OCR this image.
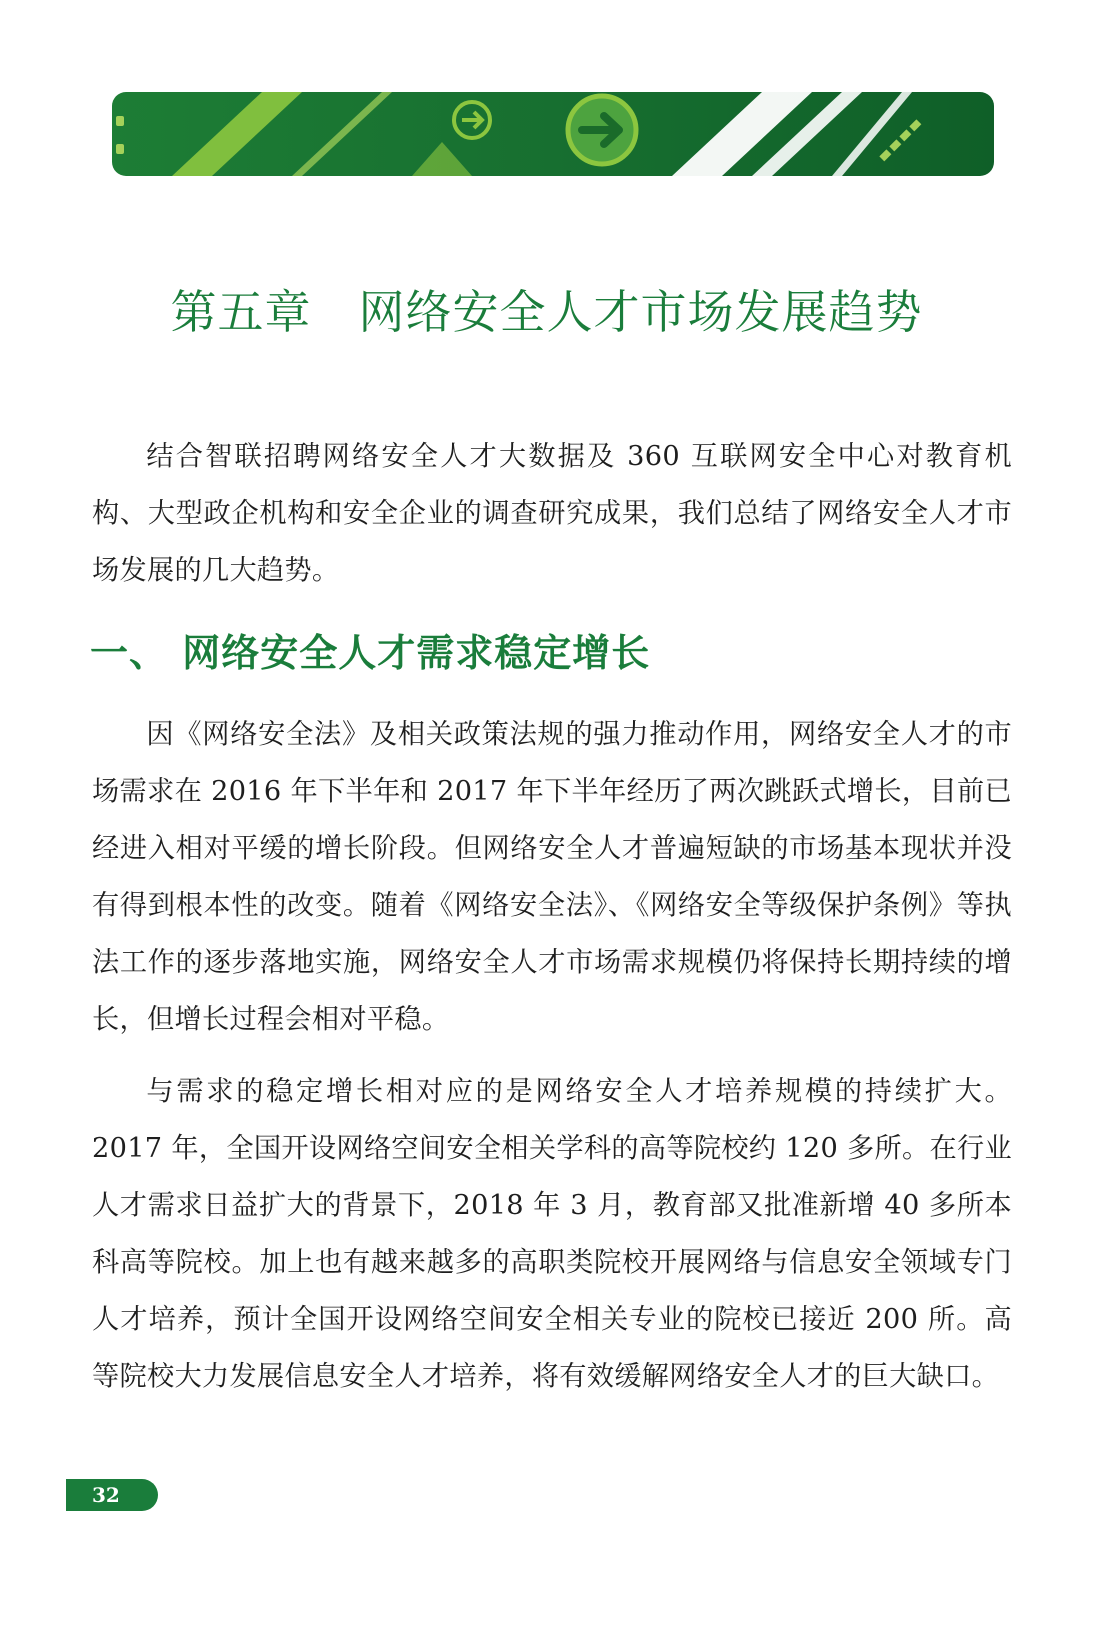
第五章　网络安全人才市场发展趋势

结合智联招聘网络安全人才大数据及 360 互联网安全中心对教育机构、大型政企机构和安全企业的调查研究成果，我们总结了网络安全人才市场发展的几大趋势。

一、 网络安全人才需求稳定增长

因《网络安全法》及相关政策法规的强力推动作用，网络安全人才的市场需求在 2016 年下半年和 2017 年下半年经历了两次跳跃式增长，目前已经进入相对平缓的增长阶段。但网络安全人才普遍短缺的市场基本现状并没有得到根本性的改变。随着《网络安全法》、《网络安全等级保护条例》等执法工作的逐步落地实施，网络安全人才市场需求规模仍将保持长期持续的增长，但增长过程会相对平稳。

与需求的稳定增长相对应的是网络安全人才培养规模的持续扩大。2017 年，全国开设网络空间安全相关学科的高等院校约 120 多所。在行业人才需求日益扩大的背景下，2018 年 3 月，教育部又批准新增 40 多所本科高等院校。加上也有越来越多的高职类院校开展网络与信息安全领域专门人才培养，预计全国开设网络空间安全相关专业的院校已接近 200 所。高等院校大力发展信息安全人才培养，将有效缓解网络安全人才的巨大缺口。

32
